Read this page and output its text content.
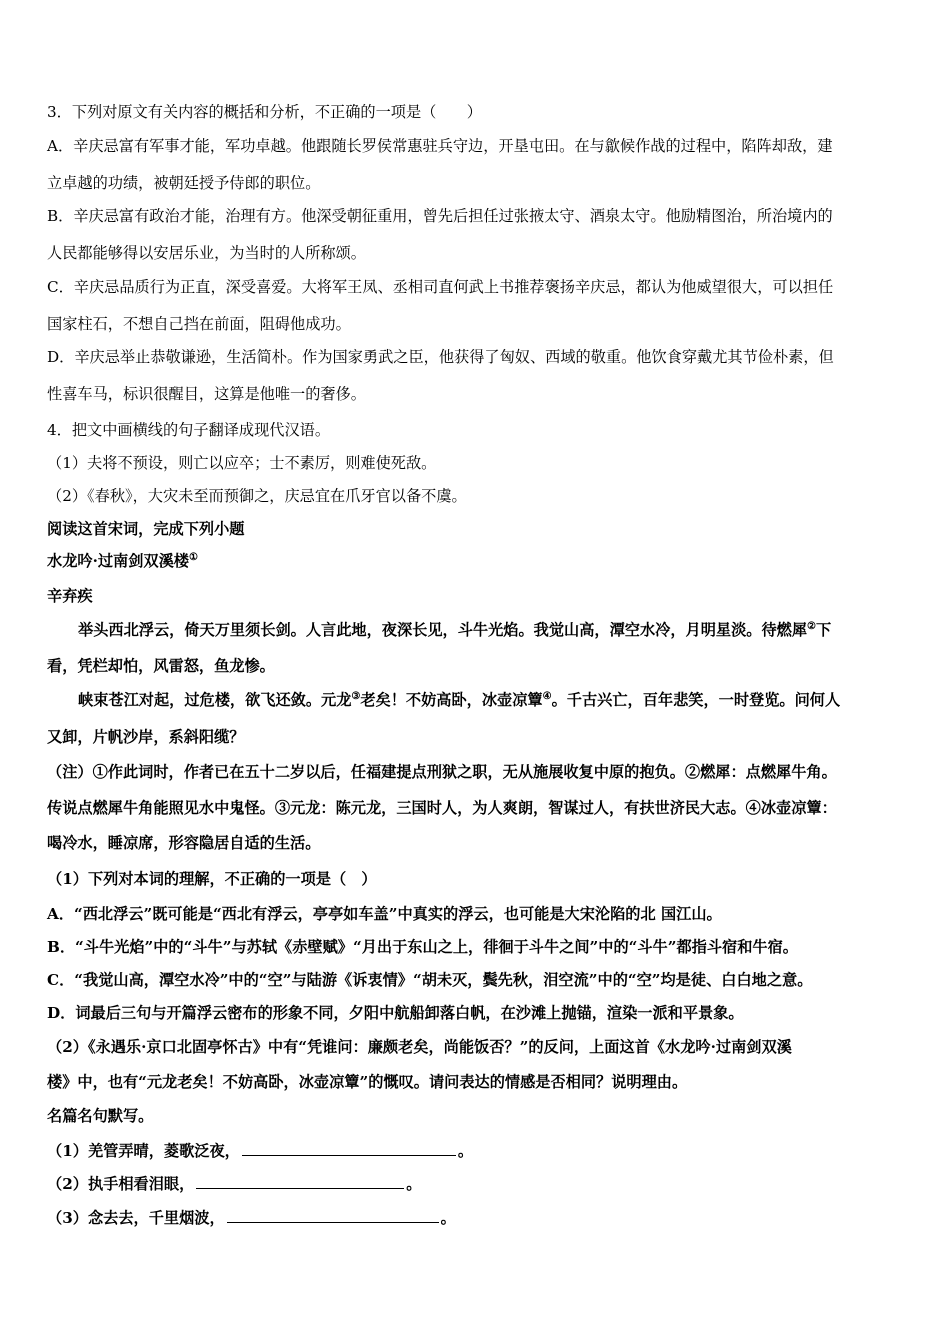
3．下列对原文有关内容的概括和分析，不正确的一项是（　　）
A．辛庆忌富有军事才能，军功卓越。他跟随长罗侯常惠驻兵守边，开垦屯田。在与歙候作战的过程中，陷阵却敌，建
立卓越的功绩，被朝廷授予侍郎的职位。
B．辛庆忌富有政治才能，治理有方。他深受朝征重用，曾先后担任过张掖太守、酒泉太守。他励精图治，所治境内的
人民都能够得以安居乐业，为当时的人所称颂。
C．辛庆忌品质行为正直，深受喜爱。大将军王凤、丞相司直何武上书推荐褒扬辛庆忌，都认为他威望很大，可以担任
国家柱石，不想自己挡在前面，阻碍他成功。
D．辛庆忌举止恭敬谦逊，生活简朴。作为国家勇武之臣，他获得了匈奴、西域的敬重。他饮食穿戴尤其节俭朴素，但
性喜车马，标识很醒目，这算是他唯一的奢侈。
4．把文中画横线的句子翻译成现代汉语。
（1）夫将不预设，则亡以应卒；士不素厉，则难使死敌。
（2）《春秋》，大灾未至而预御之，庆忌宜在爪牙官以备不虞。
阅读这首宋词，完成下列小题
水龙吟·过南剑双溪楼①
辛弃疾
举头西北浮云，倚天万里须长剑。人言此地，夜深长见，斗牛光焰。我觉山高，潭空水冷，月明星淡。待燃犀②下
看，凭栏却怕，风雷怒，鱼龙惨。
峡束苍江对起，过危楼，欲飞还敛。元龙③老矣！不妨高卧，冰壶凉簟④。千古兴亡，百年悲笑，一时登览。问何人
又卸，片帆沙岸，系斜阳缆？
（注）①作此词时，作者已在五十二岁以后，任福建提点刑狱之职，无从施展收复中原的抱负。②燃犀：点燃犀牛角。
传说点燃犀牛角能照见水中鬼怪。③元龙：陈元龙，三国时人，为人爽朗，智谋过人，有扶世济民大志。④冰壶凉簟：
喝冷水，睡凉席，形容隐居自适的生活。
（1）下列对本词的理解，不正确的一项是（　）
A．“西北浮云”既可能是“西北有浮云，亭亭如车盖”中真实的浮云，也可能是大宋沦陷的北 国江山。
B．“斗牛光焰”中的“斗牛”与苏轼《赤壁赋》“月出于东山之上，徘徊于斗牛之间”中的“斗牛”都指斗宿和牛宿。
C．“我觉山高，潭空水冷”中的“空”与陆游《诉衷情》“胡未灭，鬓先秋，泪空流”中的“空”均是徒、白白地之意。
D．词最后三句与开篇浮云密布的形象不同，夕阳中航船卸落白帆，在沙滩上抛锚，渲染一派和平景象。
（2）《永遇乐·京口北固亭怀古》中有“凭谁问：廉颇老矣，尚能饭否？”的反问，上面这首《水龙吟·过南剑双溪
楼》中，也有“元龙老矣！不妨高卧，冰壶凉簟”的慨叹。请问表达的情感是否相同？说明理由。
名篇名句默写。
（1）羌管弄晴，菱歌泛夜，	。
（2）执手相看泪眼，	。
（3）念去去，千里烟波，	。
